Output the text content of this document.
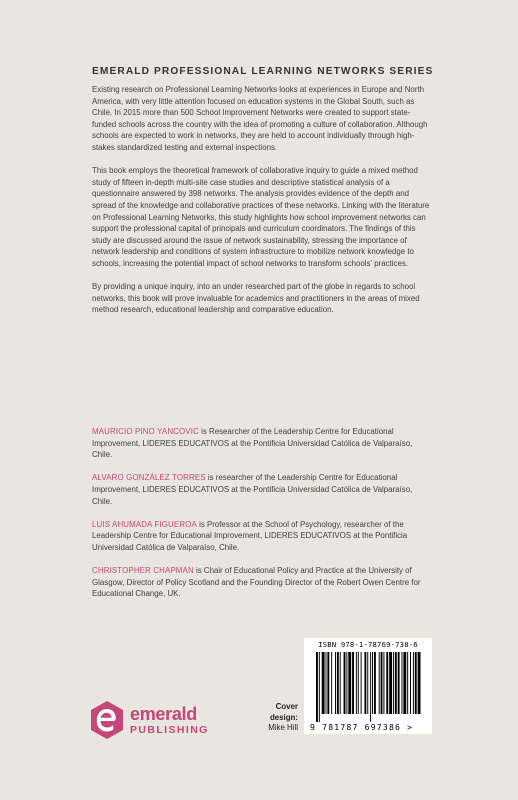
EMERALD PROFESSIONAL LEARNING NETWORKS SERIES

Existing research on Professional Learning Networks looks at experiences in Europe and North America, with very little attention focused on education systems in the Global South, such as Chile. In 2015 more than 500 School Improvement Networks were created to support state-funded schools across the country with the idea of promoting a culture of collaboration. Although schools are expected to work in networks, they are held to account individually through high-stakes standardized testing and external inspections.

This book employs the theoretical framework of collaborative inquiry to guide a mixed method study of fifteen in-depth multi-site case studies and descriptive statistical analysis of a questionnaire answered by 398 networks. The analysis provides evidence of the depth and spread of the knowledge and collaborative practices of these networks. Linking with the literature on Professional Learning Networks, this study highlights how school improvement networks can support the professional capital of principals and curriculum coordinators. The findings of this study are discussed around the issue of network sustainability, stressing the importance of network leadership and conditions of system infrastructure to mobilize network knowledge to schools, increasing the potential impact of school networks to transform schools' practices.

By providing a unique inquiry, into an under researched part of the globe in regards to school networks, this book will prove invaluable for academics and practitioners in the areas of mixed method research, educational leadership and comparative education.

MAURICIO PINO YANCOVIC is Researcher of the Leadership Centre for Educational Improvement, LIDERES EDUCATIVOS at the Pontificia Universidad Católica de Valparaíso, Chile.
ALVARO GONZÁLEZ TORRES is researcher of the Leadership Centre for Educational Improvement, LIDERES EDUCATIVOS at the Pontificia Universidad Católica de Valparaíso, Chile.
LUIS AHUMADA FIGUEROA is Professor at the School of Psychology, researcher of the Leadership Centre for Educational Improvement, LIDERES EDUCATIVOS at the Pontificia Universidad Católica de Valparaíso, Chile.
CHRISTOPHER CHAPMAN is Chair of Educational Policy and Practice at the University of Glasgow, Director of Policy Scotland and the Founding Director of the Robert Owen Centre for Educational Change, UK.
emerald
PUBLISHING
Cover design:
Mike Hill
ISBN 978-1-78769-738-6
9 781787 697386 >
